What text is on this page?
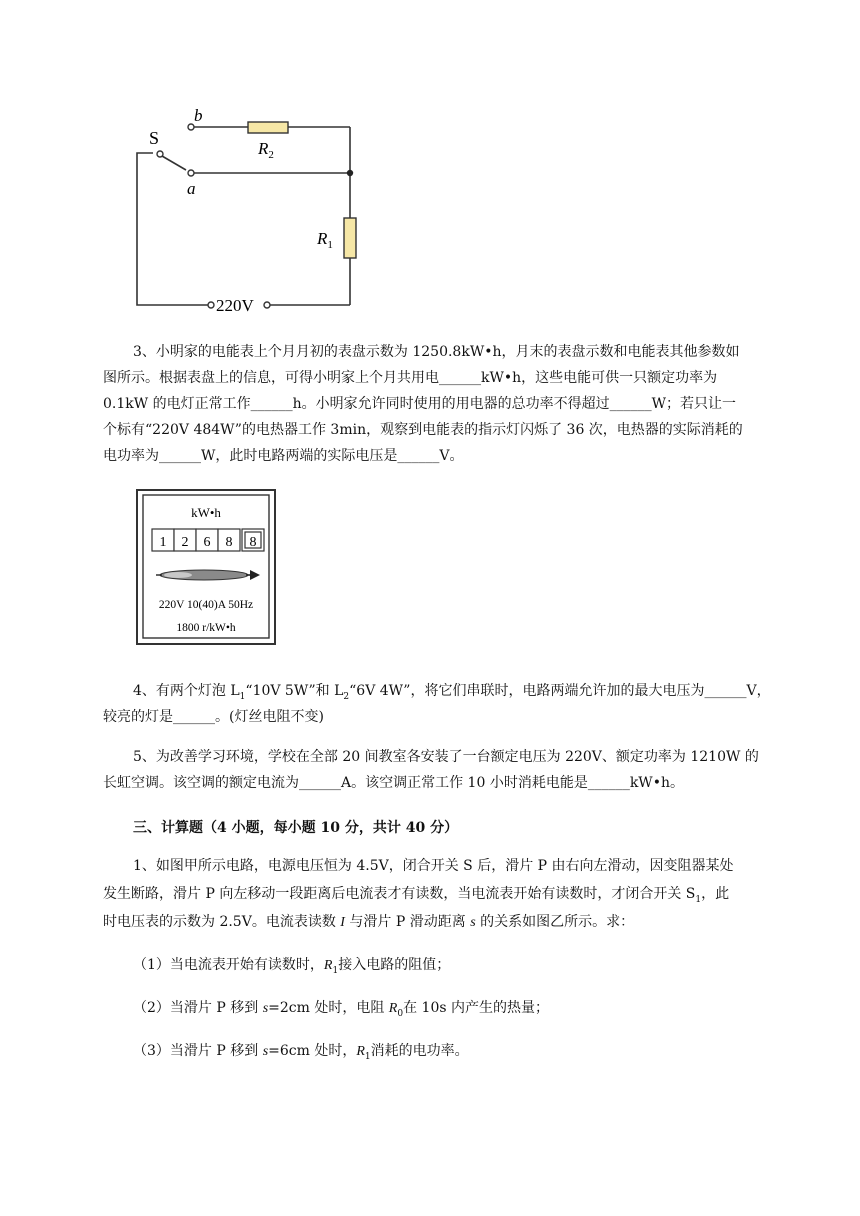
S
b
a
$R_2$
$R_1$
220V

3、小明家的电能表上个月月初的表盘示数为 1250.8kW•h，月末的表盘示数和电能表其他参数如

图所示。根据表盘上的信息，可得小明家上个月共用电______kW•h，这些电能可供一只额定功率为

0.1kW 的电灯正常工作______h。小明家允许同时使用的用电器的总功率不得超过______W；若只让一

个标有“220V 484W”的电热器工作 3min，观察到电能表的指示灯闪烁了 36 次，电热器的实际消耗的

电功率为______W，此时电路两端的实际电压是______V。

kW•h
1 2 6 8 8
220V 10(40)A 50Hz
1800 r/kW•h

4、有两个灯泡 $L_1“10V$ 5W”和 $L_2“6V$ 4W”，将它们串联时，电路两端允许加的最大电压为______V，

较亮的灯是______。(灯丝电阻不变)

5、为改善学习环境，学校在全部 20 间教室各安装了一台额定电压为 220V、额定功率为 1210W 的

长虹空调。该空调的额定电流为______A。该空调正常工作 10 小时消耗电能是______kW•h。

三、计算题（4 小题，每小题 10 分，共计 40 分）

1、如图甲所示电路，电源电压恒为 4.5V，闭合开关 S 后，滑片 P 由右向左滑动，因变阻器某处

发生断路，滑片 P 向左移动一段距离后电流表才有读数，当电流表开始有读数时，才闭合开关 $S_1$，此

时电压表的示数为 2.5V。电流表读数 I 与滑片 P 滑动距离 s 的关系如图乙所示。求：

（1）当电流表开始有读数时，$R_1$接入电路的阻值；

（2）当滑片 P 移到 s=2cm 处时，电阻 $R_0$在 10s 内产生的热量；

（3）当滑片 P 移到 s=6cm 处时，$R_1$消耗的电功率。
